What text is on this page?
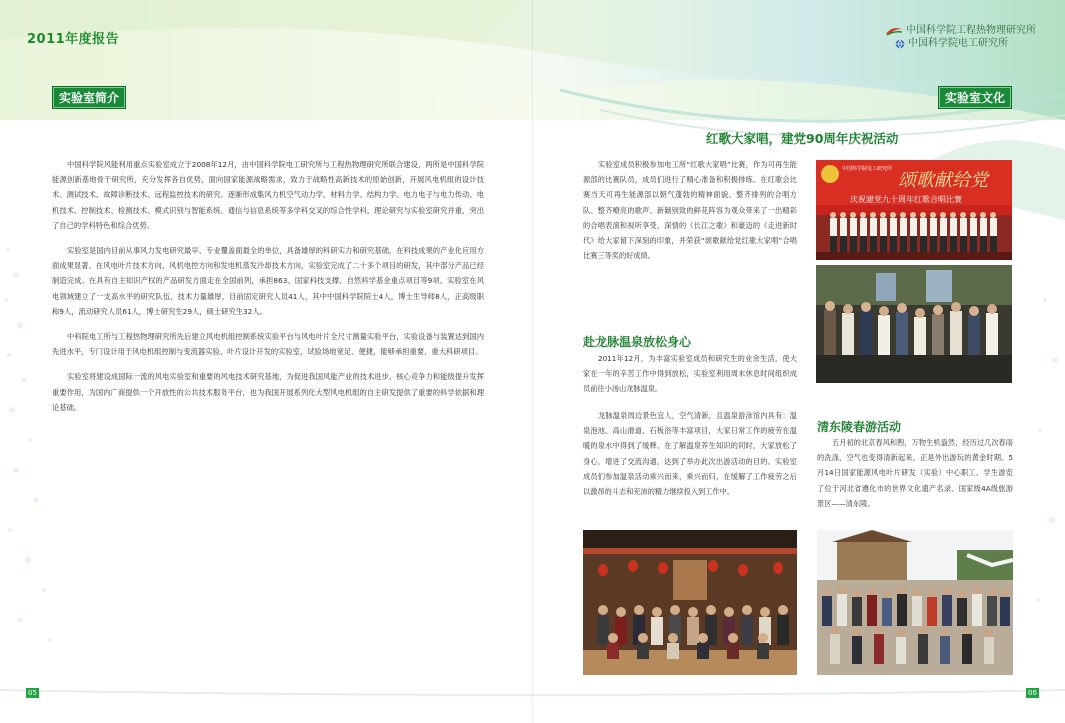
2011年度报告
中国科学院工程热物理研究所
中国科学院电工研究所
实验室简介	实验室文化
红歌大家唱，建党90周年庆祝活动

中国科学院风能利用重点实验室成立于2008年12月，由中国科学院电工研究所与工程热物理研究所联合建设，两所是中国科学院能源创新基地骨干研究所，充分发挥各自优势，面向国家能源战略需求，致力于战略性高新技术的原始创新，开展风电机组的设计技术、测试技术、故障诊断技术、远程监控技术的研究。逐渐形成集风力机空气动力学、材料力学、结构力学、电力电子与电力传动、电机技术、控制技术、检测技术、模式识别与智能系统、通信与信息系统等多学科交叉的综合性学科，理论研究与实验室研究并重，突出了自己的学科特色和综合优势。

实验室是国内目前从事风力发电研究最早、专业覆盖面最全的单位，具备雄厚的科研实力和研究基础，在科技成果的产业化应用方面成果显著。在风电叶片技术方向、风机电控方向和发电机蒸发冷却技术方向，实验室完成了二十多个项目的研发，其中部分产品已经制造完成。在具有自主知识产权的产品研发方面走在全国前列，承担863、国家科技支撑、自然科学基金重点项目等9项。实验室在风电领域建立了一支高水平的研究队伍，技术力量雄厚，目前固定研究人员41人，其中中国科学院院士4人，博士生导师8人，正高级职称9人，流动研究人员61人，博士研究生29人，硕士研究生32人。

中科院电工所与工程热物理研究所先后建立风电机组控制系统实验平台与风电叶片全尺寸测量实验平台，实验设备与装置达到国内先进水平，专门设计用于风电机组控制与变流器实验、叶片设计开发的实验室，试验场地宽足、便捷，能够承担重要、重大科研项目。

实验室将建设成国际一流的风电实验室和重要的风电技术研究基地，为促进我国风能产业的技术进步、核心竞争力和能级提升发挥重要作用，为国内广商提供一个开放性的公共技术服务平台，也为我国开展系列化大型风电机组的自主研发提供了重要的科学依据和理论基础。

实验室成员积极参加电工所“红歌大家唱”比赛，作为可再生能源部的比赛队员，成员们进行了精心准备和积极排练。在红歌会比赛当天可再生能源部以朝气蓬勃的精神面貌、整齐排列的合唱方队、整齐嘹亮的歌声、新颖别致的鲜花阵容为观众带来了一出精彩的合唱表演和视听享受，深情的《长江之歌》和豪迈的《走进新时代》给大家留下深刻的印象，并荣获“颂歌献给党红歌大家唱”合唱比赛三等奖的好成绩。

中国科学院电工研究所
颂歌献给党
庆祝建党九十周年红歌合唱比赛
赴龙脉温泉放松身心

2011年12月，为丰富实验室成员和研究生的业余生活，使大家在一年的辛苦工作中得到放松，实验室利用周末休息时间组织成员前往小汤山龙脉温泉。

龙脉温泉周边景色宜人，空气清新，且温泉游泳馆内具有：温泉泡池、高山滑道、石板浴等丰富项目，大家日常工作的疲劳在温暖的泉水中得到了缓释。在了解温泉养生知识的同时，大家放松了身心，增进了交流沟通，达到了举办此次出游活动的目的。实验室成员们参加温泉活动乘兴而来，乘兴而归，在缓解了工作疲劳之后以激昂的斗志和充沛的精力继续投入到工作中。

清东陵春游活动

五月初的北京春风和煦，万物生机盎然，经历过几次春雨的洗涤，空气也变得清新起来，正是外出游玩的黄金时期。5月14日国家能源风电叶片研发（实验）中心职工、学生游览了位于河北省遵化市的世界文化遗产名录、国家级4A级旅游景区——清东陵。

05	06
